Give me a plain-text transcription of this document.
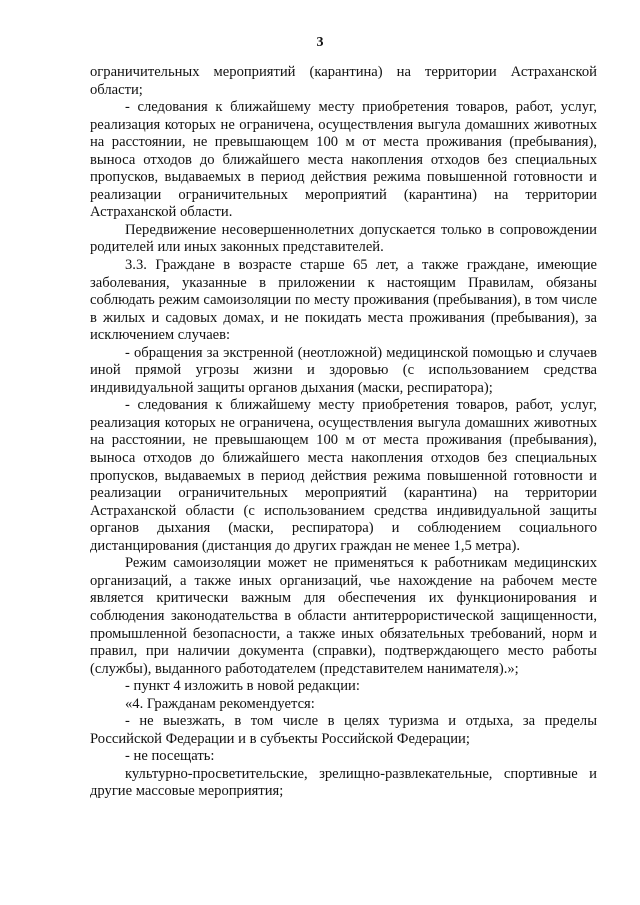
3

ограничительных мероприятий (карантина) на территории Астраханской области;

- следования к ближайшему месту приобретения товаров, работ, услуг, реализация которых не ограничена, осуществления выгула домашних животных на расстоянии, не превышающем 100 м от места проживания (пребывания), выноса отходов до ближайшего места накопления отходов без специальных пропусков, выдаваемых в период действия режима повышенной готовности и реализации ограничительных мероприятий (карантина) на территории Астраханской области.

Передвижение несовершеннолетних допускается только в сопровождении родителей или иных законных представителей.

3.3. Граждане в возрасте старше 65 лет, а также граждане, имеющие заболевания, указанные в приложении к настоящим Правилам, обязаны соблюдать режим самоизоляции по месту проживания (пребывания), в том числе в жилых и садовых домах, и не покидать места проживания (пребывания), за исключением случаев:

- обращения за экстренной (неотложной) медицинской помощью и случаев иной прямой угрозы жизни и здоровью (с использованием средства индивидуальной защиты органов дыхания (маски, респиратора);

- следования к ближайшему месту приобретения товаров, работ, услуг, реализация которых не ограничена, осуществления выгула домашних животных на расстоянии, не превышающем 100 м от места проживания (пребывания), выноса отходов до ближайшего места накопления отходов без специальных пропусков, выдаваемых в период действия режима повышенной готовности и реализации ограничительных мероприятий (карантина) на территории Астраханской области (с использованием средства индивидуальной защиты органов дыхания (маски, респиратора) и соблюдением социального дистанцирования (дистанция до других граждан не менее 1,5 метра).

Режим самоизоляции может не применяться к работникам медицинских организаций, а также иных организаций, чье нахождение на рабочем месте является критически важным для обеспечения их функционирования и соблюдения законодательства в области антитеррористической защищенности, промышленной безопасности, а также иных обязательных требований, норм и правил, при наличии документа (справки), подтверждающего место работы (службы), выданного работодателем (представителем нанимателя).»;

- пункт 4 изложить в новой редакции:

«4. Гражданам рекомендуется:

- не выезжать, в том числе в целях туризма и отдыха, за пределы Российской Федерации и в субъекты Российской Федерации;

- не посещать:

культурно-просветительские, зрелищно-развлекательные, спортивные и другие массовые мероприятия;
